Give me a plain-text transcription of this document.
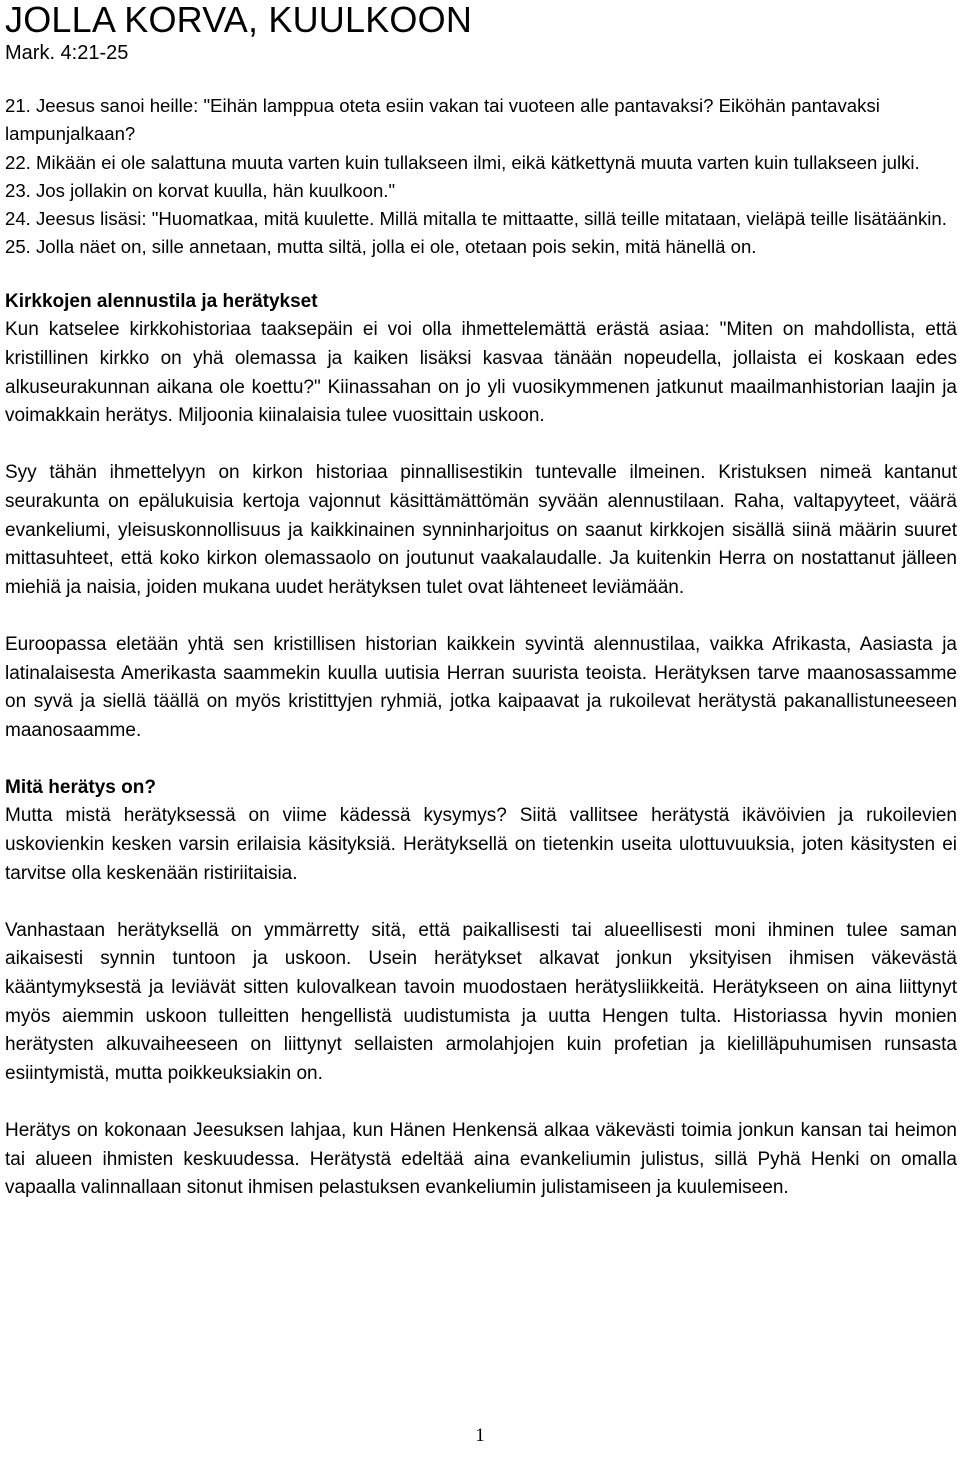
JOLLA KORVA, KUULKOON

Mark. 4:21-25

21. Jeesus sanoi heille: "Eihän lamppua oteta esiin vakan tai vuoteen alle pantavaksi? Eiköhän pantavaksi lampunjalkaan?

22. Mikään ei ole salattuna muuta varten kuin tullakseen ilmi, eikä kätkettynä muuta varten kuin tullakseen julki.

23. Jos jollakin on korvat kuulla, hän kuulkoon."

24. Jeesus lisäsi: "Huomatkaa, mitä kuulette. Millä mitalla te mittaatte, sillä teille mitataan, vieläpä teille lisätäänkin.

25. Jolla näet on, sille annetaan, mutta siltä, jolla ei ole, otetaan pois sekin, mitä hänellä on.

Kirkkojen alennustila ja herätykset

Kun katselee kirkkohistoriaa taaksepäin ei voi olla ihmettelemättä erästä asiaa: "Miten on mahdollista, että kristillinen kirkko on yhä olemassa ja kaiken lisäksi kasvaa tänään nopeudella, jollaista ei koskaan edes alkuseurakunnan aikana ole koettu?" Kiinassahan on jo yli vuosikymmenen jatkunut maailmanhistorian laajin ja voimakkain herätys. Miljoonia kiinalaisia tulee vuosittain uskoon.

Syy tähän ihmettelyyn on kirkon historiaa pinnallisestikin tuntevalle ilmeinen. Kristuksen nimeä kantanut seurakunta on epälukuisia kertoja vajonnut käsittämättömän syvään alennustilaan. Raha, valtapyyteet, väärä evankeliumi, yleisuskonnollisuus ja kaikkinainen synninharjoitus on saanut kirkkojen sisällä siinä määrin suuret mittasuhteet, että koko kirkon olemassaolo on joutunut vaakalaudalle. Ja kuitenkin Herra on nostattanut jälleen miehiä ja naisia, joiden mukana uudet herätyksen tulet ovat lähteneet leviämään.

Euroopassa eletään yhtä sen kristillisen historian kaikkein syvintä alennustilaa, vaikka Afrikasta, Aasiasta ja latinalaisesta Amerikasta saammekin kuulla uutisia Herran suurista teoista. Herätyksen tarve maanosassamme on syvä ja siellä täällä on myös kristittyjen ryhmiä, jotka kaipaavat ja rukoilevat herätystä pakanallistuneeseen maanosaamme.

Mitä herätys on?

Mutta mistä herätyksessä on viime kädessä kysymys? Siitä vallitsee herätystä ikävöivien ja rukoilevien uskovienkin kesken varsin erilaisia käsityksiä. Herätyksellä on tietenkin useita ulottuvuuksia, joten käsitysten ei tarvitse olla keskenään ristiriitaisia.

Vanhastaan herätyksellä on ymmärretty sitä, että paikallisesti tai alueellisesti moni ihminen tulee saman aikaisesti synnin tuntoon ja uskoon. Usein herätykset alkavat jonkun yksityisen ihmisen väkevästä kääntymyksestä ja leviävät sitten kulovalkean tavoin muodostaen herätysliikkeitä. Herätykseen on aina liittynyt myös aiemmin uskoon tulleitten hengellistä uudistumista ja uutta Hengen tulta. Historiassa hyvin monien herätysten alkuvaiheeseen on liittynyt sellaisten armolahjojen kuin profetian ja kielilläpuhumisen runsasta esiintymistä, mutta poikkeuksiakin on.

Herätys on kokonaan Jeesuksen lahjaa, kun Hänen Henkensä alkaa väkevästi toimia jonkun kansan tai heimon tai alueen ihmisten keskuudessa. Herätystä edeltää aina evankeliumin julistus, sillä Pyhä Henki on omalla vapaalla valinnallaan sitonut ihmisen pelastuksen evankeliumin julistamiseen ja kuulemiseen.

1
